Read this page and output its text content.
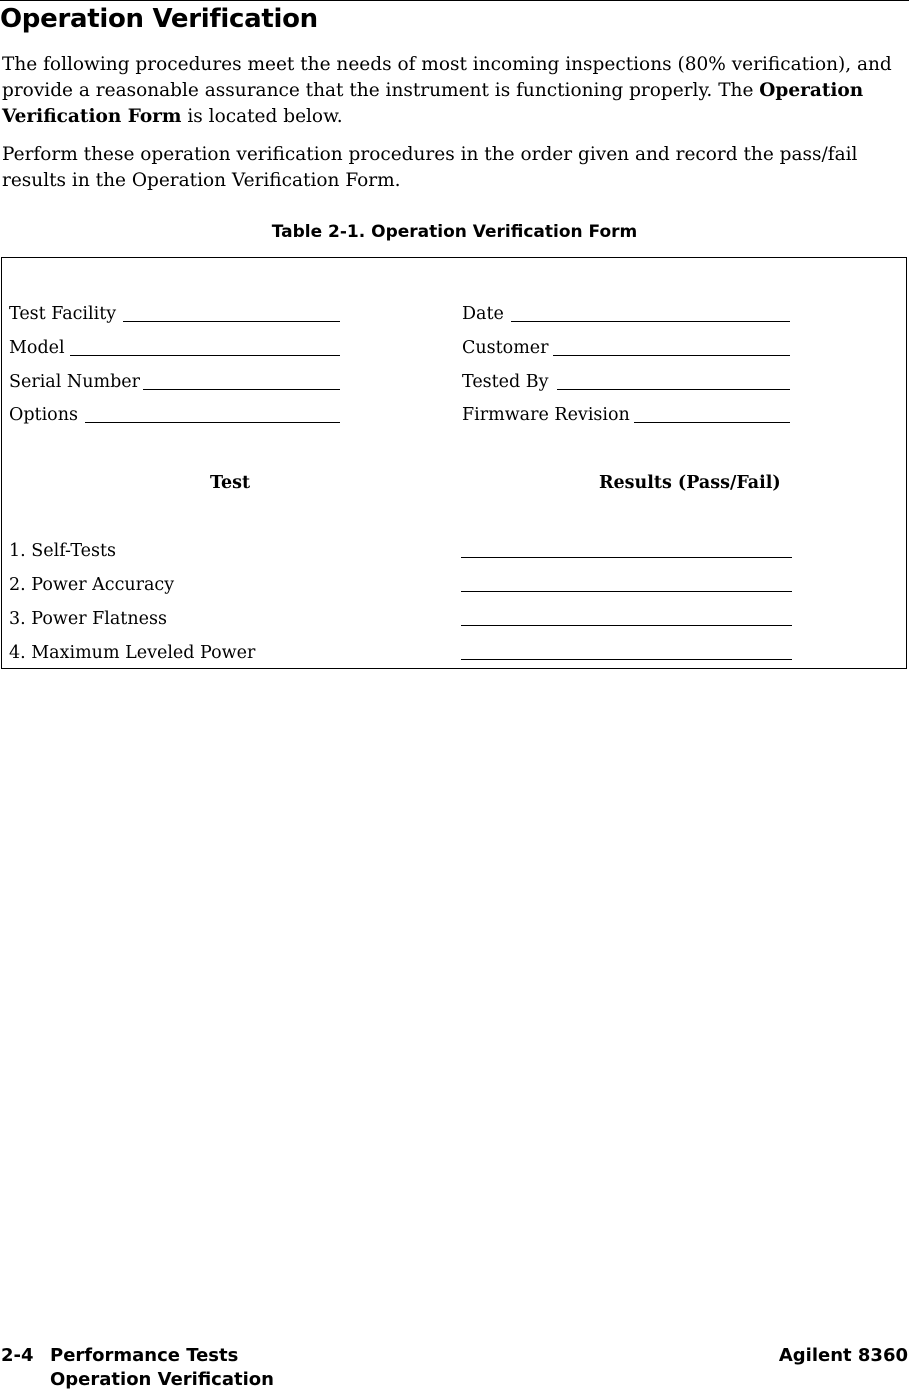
Operation Verification
The following procedures meet the needs of most incoming inspections (80% verification), and provide a reasonable assurance that the instrument is functioning properly. The Operation Verification Form is located below.
Perform these operation verification procedures in the order given and record the pass/fail results in the Operation Verification Form.
Table 2-1. Operation Verification Form
Test Facility
Model
Serial Number
Options
Date
Customer
Tested By
Firmware Revision
Test	Results (Pass/Fail)
1. Self-Tests
2. Power Accuracy
3. Power Flatness
4. Maximum Leveled Power
2-4 Performance Tests
Operation Verification
Agilent 8360
